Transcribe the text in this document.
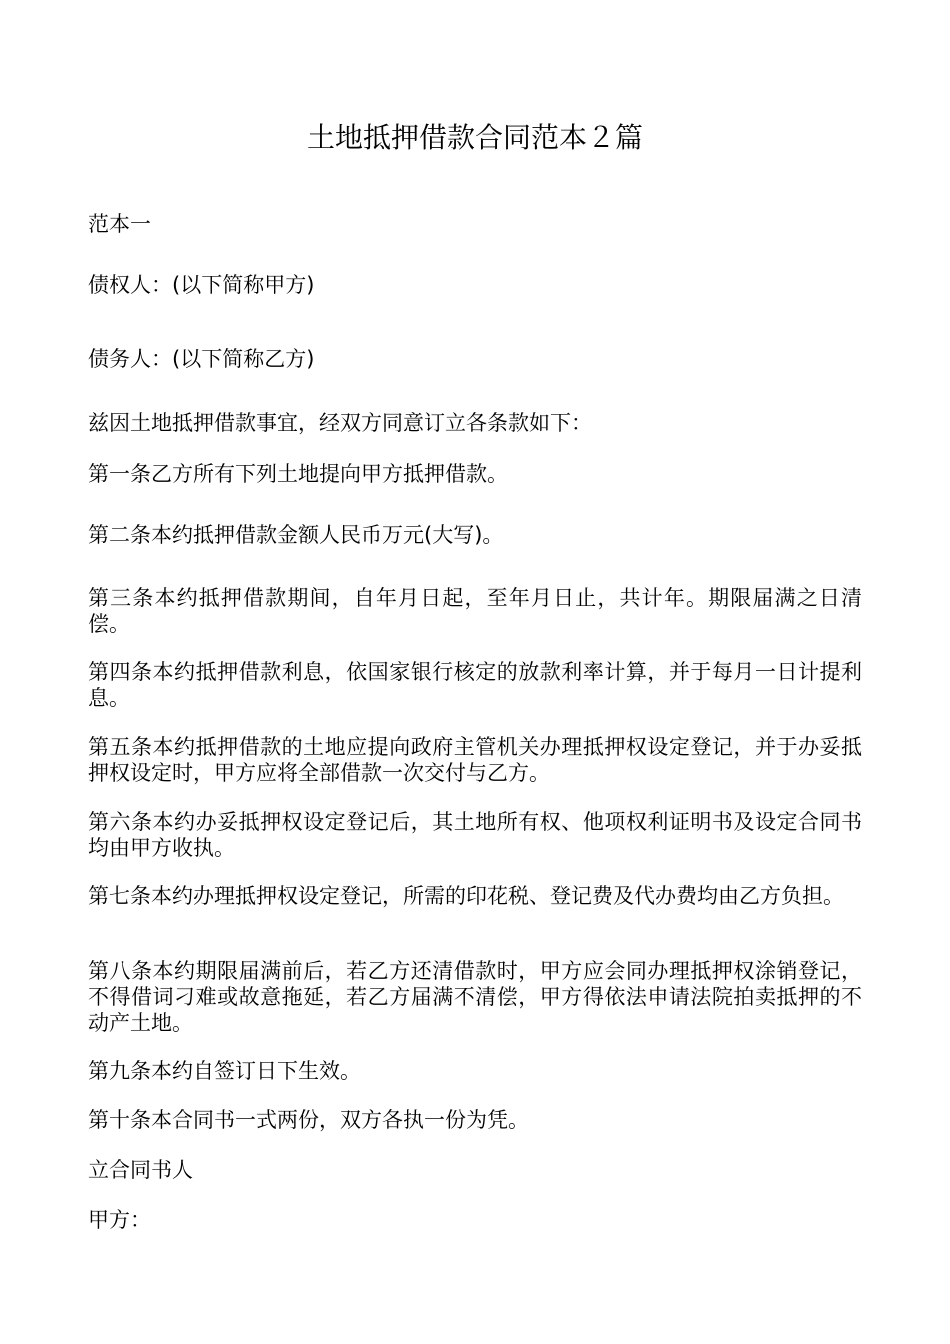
土地抵押借款合同范本２篇

范本一

债权人：(以下简称甲方)

债务人：(以下简称乙方)

兹因土地抵押借款事宜，经双方同意订立各条款如下：

第一条乙方所有下列土地提向甲方抵押借款。

第二条本约抵押借款金额人民币万元(大写)。

第三条本约抵押借款期间，自年月日起，至年月日止，共计年。期限届满之日清偿。

第四条本约抵押借款利息，依国家银行核定的放款利率计算，并于每月一日计提利息。

第五条本约抵押借款的土地应提向政府主管机关办理抵押权设定登记，并于办妥抵押权设定时，甲方应将全部借款一次交付与乙方。

第六条本约办妥抵押权设定登记后，其土地所有权、他项权利证明书及设定合同书均由甲方收执。

第七条本约办理抵押权设定登记，所需的印花税、登记费及代办费均由乙方负担。

第八条本约期限届满前后，若乙方还清借款时，甲方应会同办理抵押权涂销登记，不得借词刁难或故意拖延，若乙方届满不清偿，甲方得依法申请法院拍卖抵押的不动产土地。

第九条本约自签订日下生效。

第十条本合同书一式两份，双方各执一份为凭。

立合同书人

甲方：
